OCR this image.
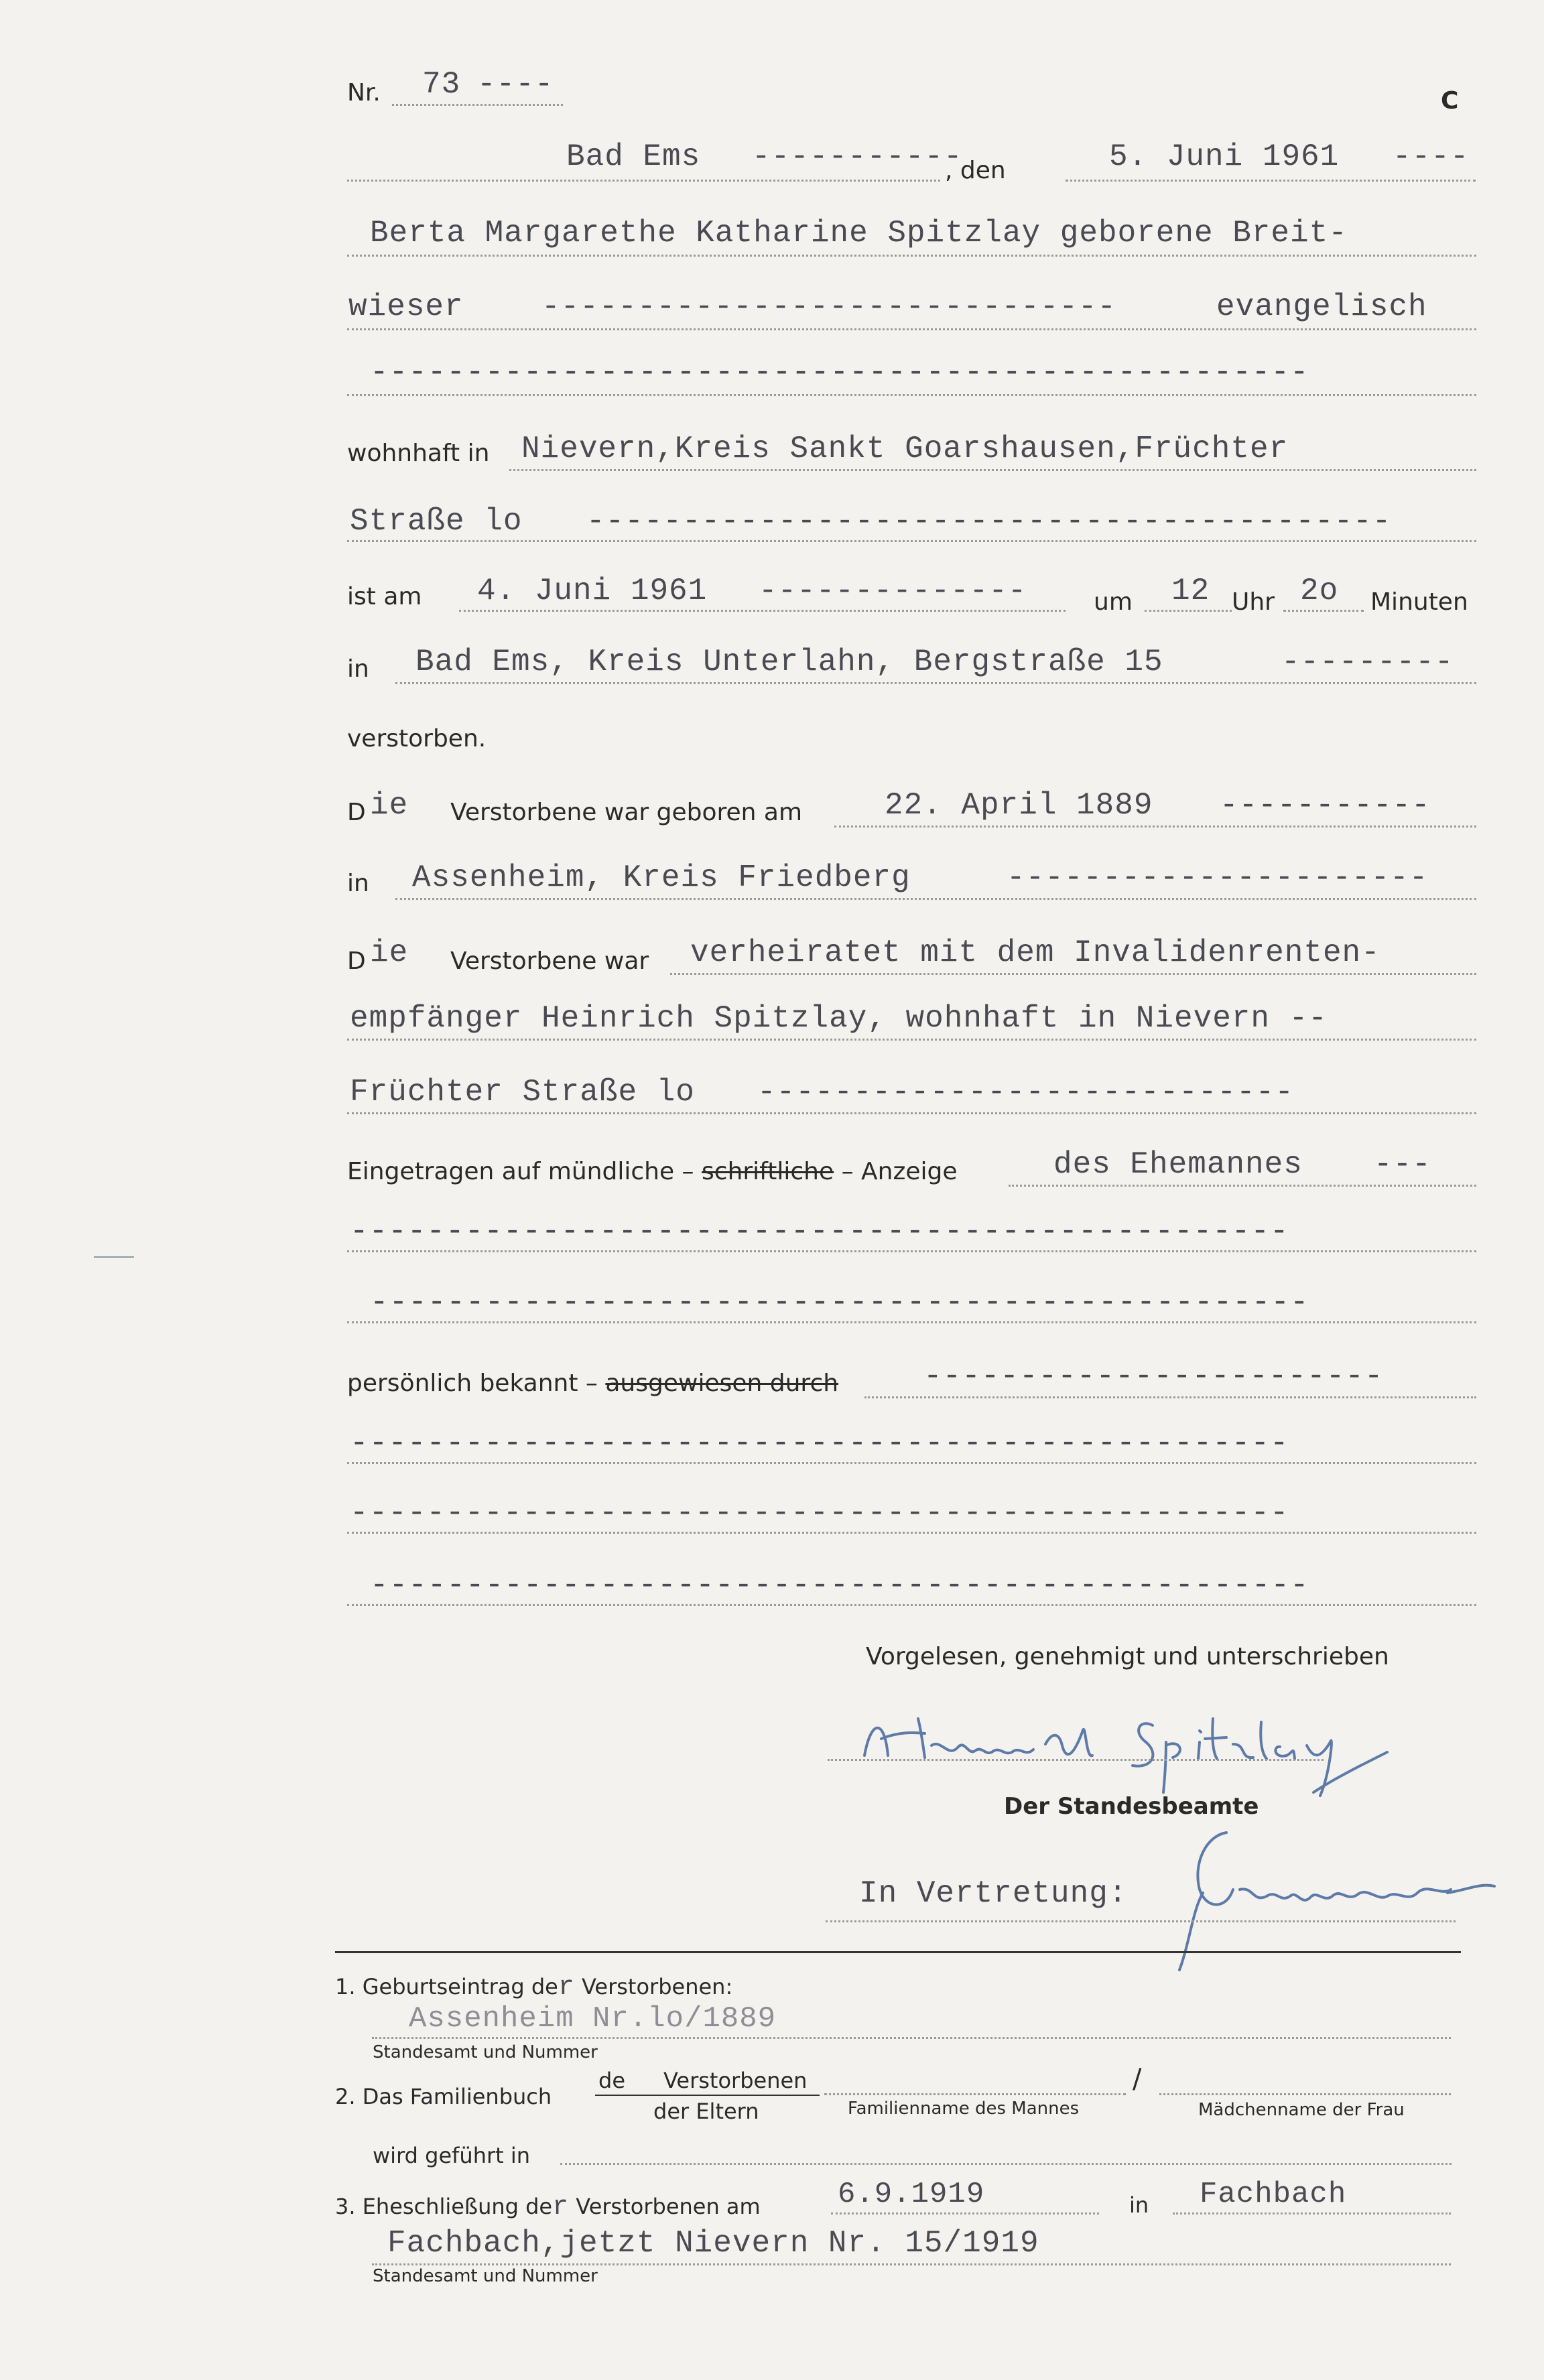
Nr. 73 ----	C
Bad Ems -----------
, den	5. Juni 1961 ----
Berta Margarethe Katharine Spitzlay geborene Breit-
wieser	------------------------------	evangelisch
-------------------------------------------------
wohnhaft in Nievern,Kreis Sankt Goarshausen,Früchter
Straße lo ------------------------------------------
ist am 4. Juni 1961 --------------	um 12 Uhr 2o Minuten
in Bad Ems, Kreis Unterlahn, Bergstraße 15	---------
verstorben.
D ie Verstorbene war geboren am	22. April 1889 -----------
in Assenheim, Kreis Friedberg	----------------------
D ie Verstorbene war verheiratet mit dem Invalidenrenten-
empfänger Heinrich Spitzlay, wohnhaft in Nievern --
Früchter Straße lo ----------------------------
Eingetragen auf mündliche – schriftliche – Anzeige	des Ehemannes ---
-------------------------------------------------
-------------------------------------------------
persönlich bekannt – ausgewiesen durch	------------------------
-------------------------------------------------
-------------------------------------------------
-------------------------------------------------
Vorgelesen, genehmigt und unterschrieben
Der Standesbeamte
In Vertretung:
1. Geburtseintrag der Verstorbenen:
Assenheim Nr.lo/1889
Standesamt und Nummer
2. Das Familienbuch
de Verstorbenen
der Eltern
/
Familienname des Mannes	Mädchenname der Frau
wird geführt in
3. Eheschließung der Verstorbenen am	6.9.1919	in Fachbach
Fachbach,jetzt Nievern Nr. 15/1919
Standesamt und Nummer
